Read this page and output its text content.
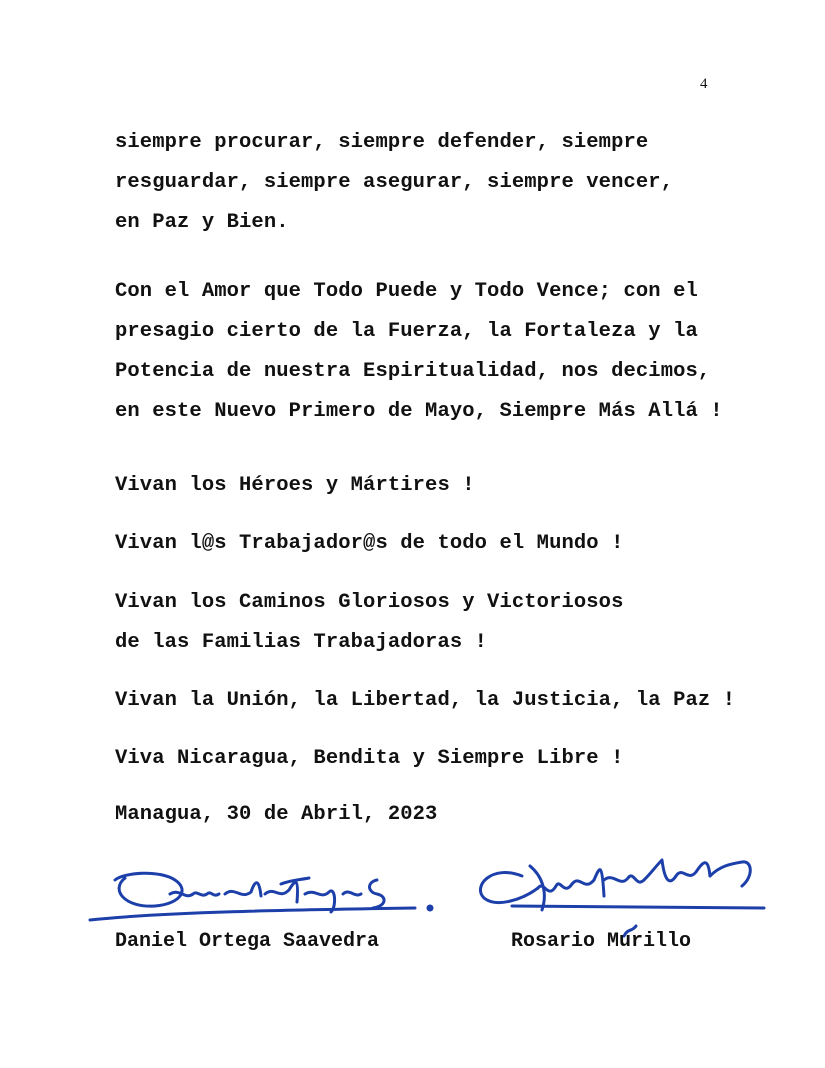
4
siempre procurar, siempre defender, siempre
resguardar, siempre asegurar, siempre vencer,
en Paz y Bien.
Con el Amor que Todo Puede y Todo Vence; con el
presagio cierto de la Fuerza, la Fortaleza y la
Potencia de nuestra Espiritualidad, nos decimos,
en este Nuevo Primero de Mayo, Siempre Más Allá !
Vivan los Héroes y Mártires !
Vivan l@s Trabajador@s de todo el Mundo !
Vivan los Caminos Gloriosos y Victoriosos
de las Familias Trabajadoras !
Vivan la Unión, la Libertad, la Justicia, la Paz !
Viva Nicaragua, Bendita y Siempre Libre !
Managua, 30 de Abril, 2023
Daniel Ortega Saavedra	Rosario Murillo
